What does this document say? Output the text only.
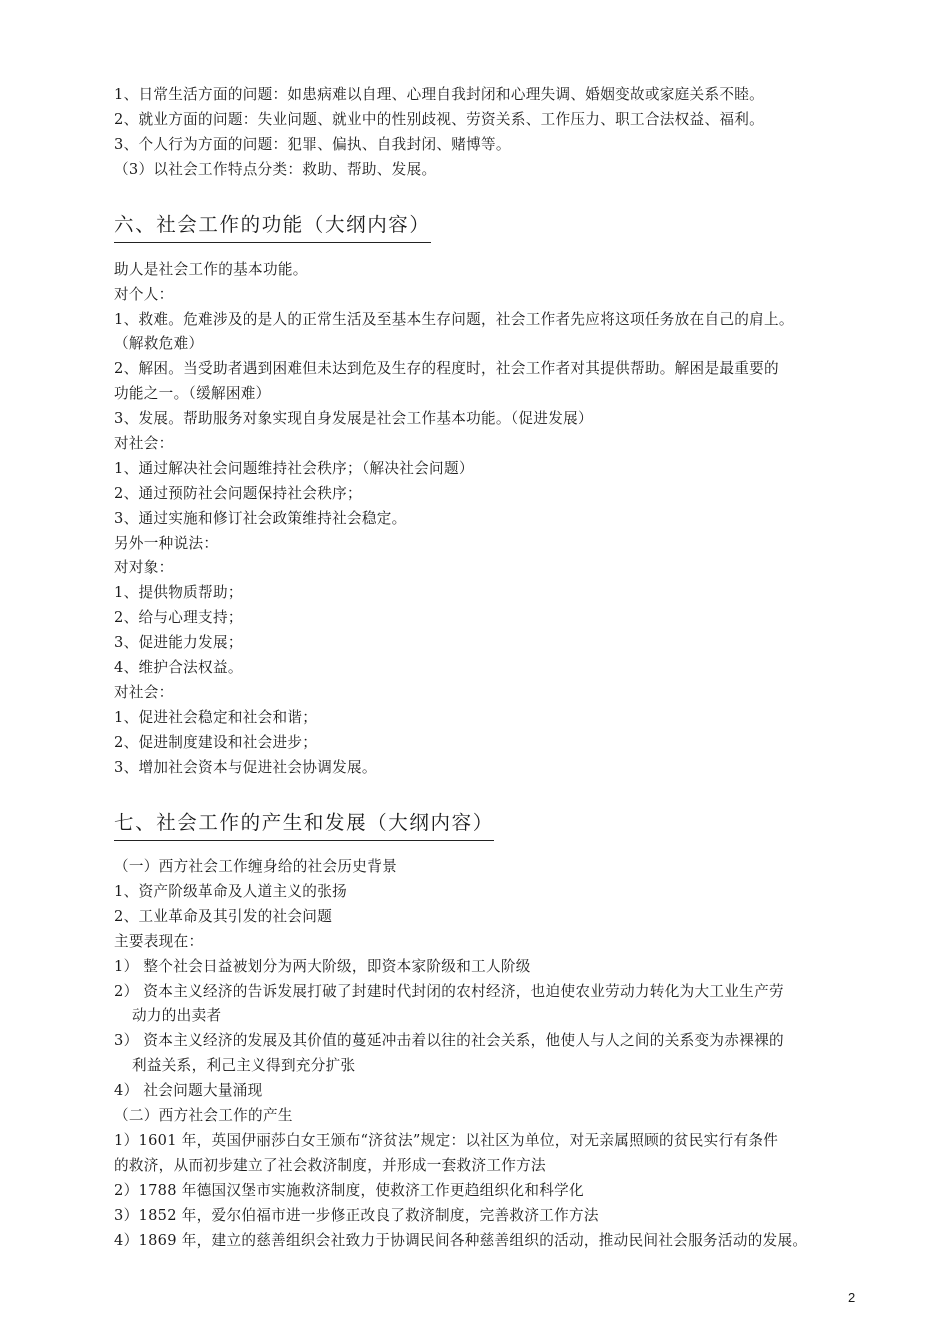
1、日常生活方面的问题：如患病难以自理、心理自我封闭和心理失调、婚姻变故或家庭关系不睦。
2、就业方面的问题：失业问题、就业中的性别歧视、劳资关系、工作压力、职工合法权益、福利。
3、个人行为方面的问题：犯罪、偏执、自我封闭、赌博等。
（3）以社会工作特点分类：救助、帮助、发展。
六、社会工作的功能（大纲内容）
助人是社会工作的基本功能。
对个人：
1、救难。危难涉及的是人的正常生活及至基本生存问题，社会工作者先应将这项任务放在自己的肩上。
（解救危难）
2、解困。当受助者遇到困难但未达到危及生存的程度时，社会工作者对其提供帮助。解困是最重要的
功能之一。（缓解困难）
3、发展。帮助服务对象实现自身发展是社会工作基本功能。（促进发展）
对社会：
1、通过解决社会问题维持社会秩序；（解决社会问题）
2、通过预防社会问题保持社会秩序；
3、通过实施和修订社会政策维持社会稳定。
另外一种说法：
对对象：
1、提供物质帮助；
2、给与心理支持；
3、促进能力发展；
4、维护合法权益。
对社会：
1、促进社会稳定和社会和谐；
2、促进制度建设和社会进步；
3、增加社会资本与促进社会协调发展。
七、社会工作的产生和发展（大纲内容）
（一）西方社会工作缠身给的社会历史背景
1、资产阶级革命及人道主义的张扬
2、工业革命及其引发的社会问题
主要表现在：
1） 整个社会日益被划分为两大阶级，即资本家阶级和工人阶级
2） 资本主义经济的告诉发展打破了封建时代封闭的农村经济，也迫使农业劳动力转化为大工业生产劳
动力的出卖者
3） 资本主义经济的发展及其价值的蔓延冲击着以往的社会关系，他使人与人之间的关系变为赤裸裸的
利益关系，利己主义得到充分扩张
4） 社会问题大量涌现
（二）西方社会工作的产生
1）1601 年，英国伊丽莎白女王颁布“济贫法”规定：以社区为单位，对无亲属照顾的贫民实行有条件
的救济，从而初步建立了社会救济制度，并形成一套救济工作方法
2）1788 年德国汉堡市实施救济制度，使救济工作更趋组织化和科学化
3）1852 年，爱尔伯福市进一步修正改良了救济制度，完善救济工作方法
4）1869 年，建立的慈善组织会社致力于协调民间各种慈善组织的活动，推动民间社会服务活动的发展。
2
